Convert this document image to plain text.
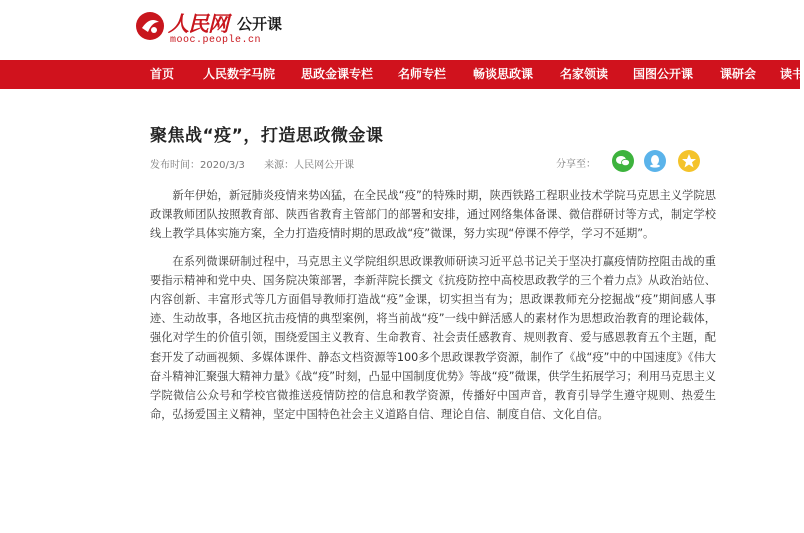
人民网 公开课
mooc.people.cn
首页 人民数字马院 思政金课专栏 名师专栏 畅谈思政课 名家领读 国图公开课 课研会 读书
聚焦战“疫”，打造思政微金课
发布时间：2020/3/3 来源：人民网公开课	分享至：

新年伊始，新冠肺炎疫情来势凶猛，在全民战“疫”的特殊时期，陕西铁路工程职业技术学院马克思主义学院思政课教师团队按照教育部、陕西省教育主管部门的部署和安排，通过网络集体备课、微信群研讨等方式，制定学校线上教学具体实施方案，全力打造疫情时期的思政战“疫”微课，努力实现“停课不停学，学习不延期”。

在系列微课研制过程中，马克思主义学院组织思政课教师研读习近平总书记关于坚决打赢疫情防控阻击战的重要指示精神和党中央、国务院决策部署，李新萍院长撰文《抗疫防控中高校思政教学的三个着力点》从政治站位、内容创新、丰富形式等几方面倡导教师打造战“疫”金课，切实担当有为；思政课教师充分挖掘战“疫”期间感人事迹、生动故事，各地区抗击疫情的典型案例，将当前战“疫”一线中鲜活感人的素材作为思想政治教育的理论载体，强化对学生的价值引领，围绕爱国主义教育、生命教育、社会责任感教育、规则教育、爱与感恩教育五个主题，配套开发了动画视频、多媒体课件、静态文档资源等100多个思政课教学资源，制作了《战“疫”中的中国速度》《伟大奋斗精神汇聚强大精神力量》《战“疫”时刻，凸显中国制度优势》等战“疫”微课，供学生拓展学习；利用马克思主义学院微信公众号和学校官微推送疫情防控的信息和教学资源，传播好中国声音，教育引导学生遵守规则、热爱生命，弘扬爱国主义精神，坚定中国特色社会主义道路自信、理论自信、制度自信、文化自信。
